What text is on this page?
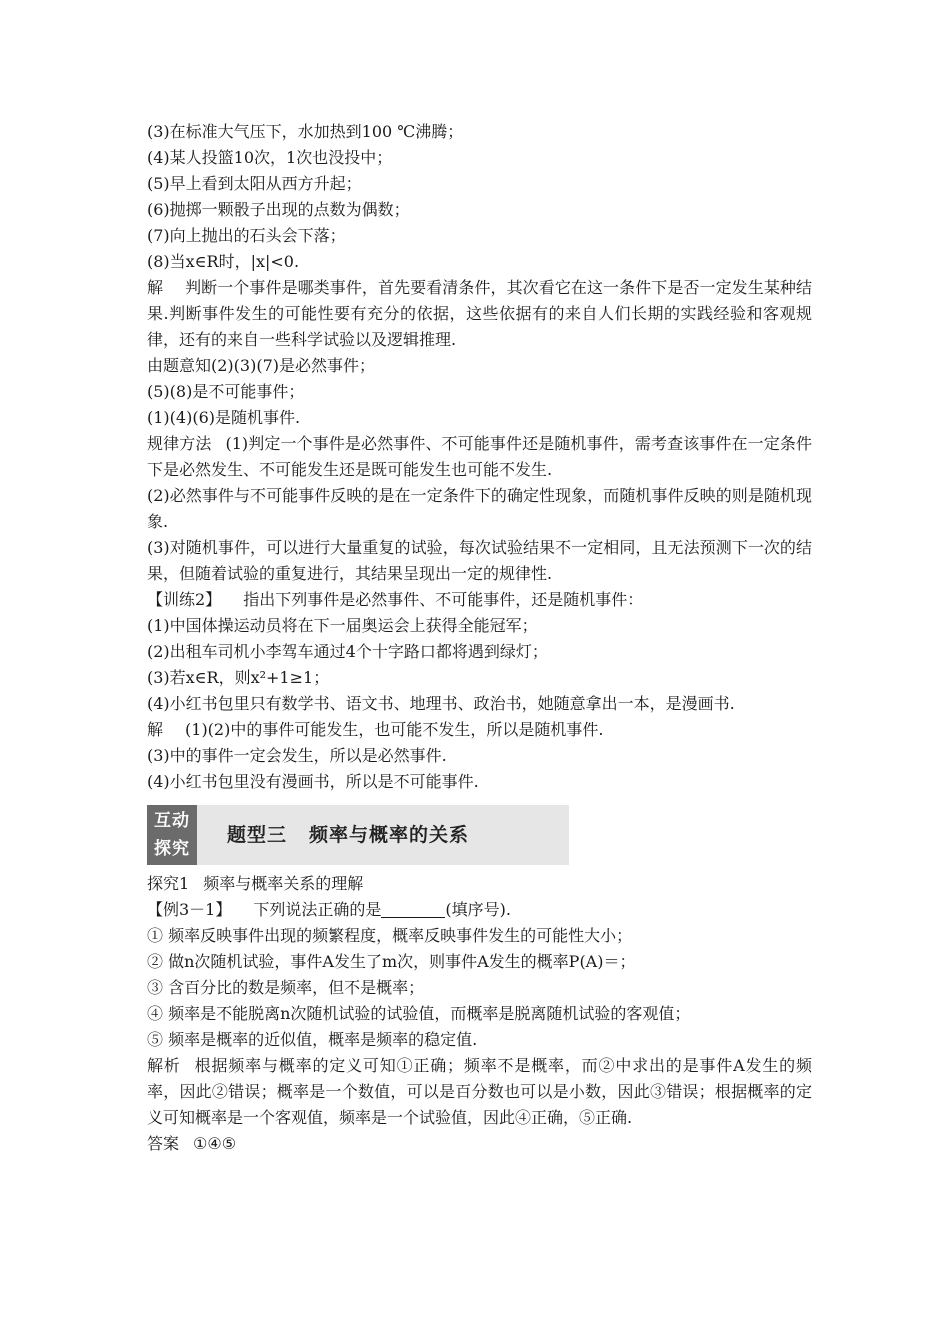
(3)在标准大气压下，水加热到100 ℃沸腾；
(4)某人投篮10次，1次也没投中；
(5)早上看到太阳从西方升起；
(6)抛掷一颗骰子出现的点数为偶数；
(7)向上抛出的石头会下落；
(8)当x∈R时，|x|<0.
解 判断一个事件是哪类事件，首先要看清条件，其次看它在这一条件下是否一定发生某种结果.判断事件发生的可能性要有充分的依据，这些依据有的来自人们长期的实践经验和客观规律，还有的来自一些科学试验以及逻辑推理.
由题意知(2)(3)(7)是必然事件；
(5)(8)是不可能事件；
(1)(4)(6)是随机事件.
规律方法 (1)判定一个事件是必然事件、不可能事件还是随机事件，需考查该事件在一定条件下是必然发生、不可能发生还是既可能发生也可能不发生.
(2)必然事件与不可能事件反映的是在一定条件下的确定性现象，而随机事件反映的则是随机现象.
(3)对随机事件，可以进行大量重复的试验，每次试验结果不一定相同，且无法预测下一次的结果，但随着试验的重复进行，其结果呈现出一定的规律性.
【训练2】 指出下列事件是必然事件、不可能事件，还是随机事件：
(1)中国体操运动员将在下一届奥运会上获得全能冠军；
(2)出租车司机小李驾车通过4个十字路口都将遇到绿灯；
(3)若x∈R，则x²+1≥1；
(4)小红书包里只有数学书、语文书、地理书、政治书，她随意拿出一本，是漫画书.
解 (1)(2)中的事件可能发生，也可能不发生，所以是随机事件.
(3)中的事件一定会发生，所以是必然事件.
(4)小红书包里没有漫画书，所以是不可能事件.
互动
探究
题型三 频率与概率的关系
探究1 频率与概率关系的理解
【例3－1】 下列说法正确的是	(填序号).
① 频率反映事件出现的频繁程度，概率反映事件发生的可能性大小；
② 做n次随机试验，事件A发生了m次，则事件A发生的概率P(A)＝；
③ 含百分比的数是频率，但不是概率；
④ 频率是不能脱离n次随机试验的试验值，而概率是脱离随机试验的客观值；
⑤ 频率是概率的近似值，概率是频率的稳定值.
解析 根据频率与概率的定义可知①正确；频率不是概率，而②中求出的是事件A发生的频率，因此②错误；概率是一个数值，可以是百分数也可以是小数，因此③错误；根据概率的定义可知概率是一个客观值，频率是一个试验值，因此④正确，⑤正确.
答案 ①④⑤
